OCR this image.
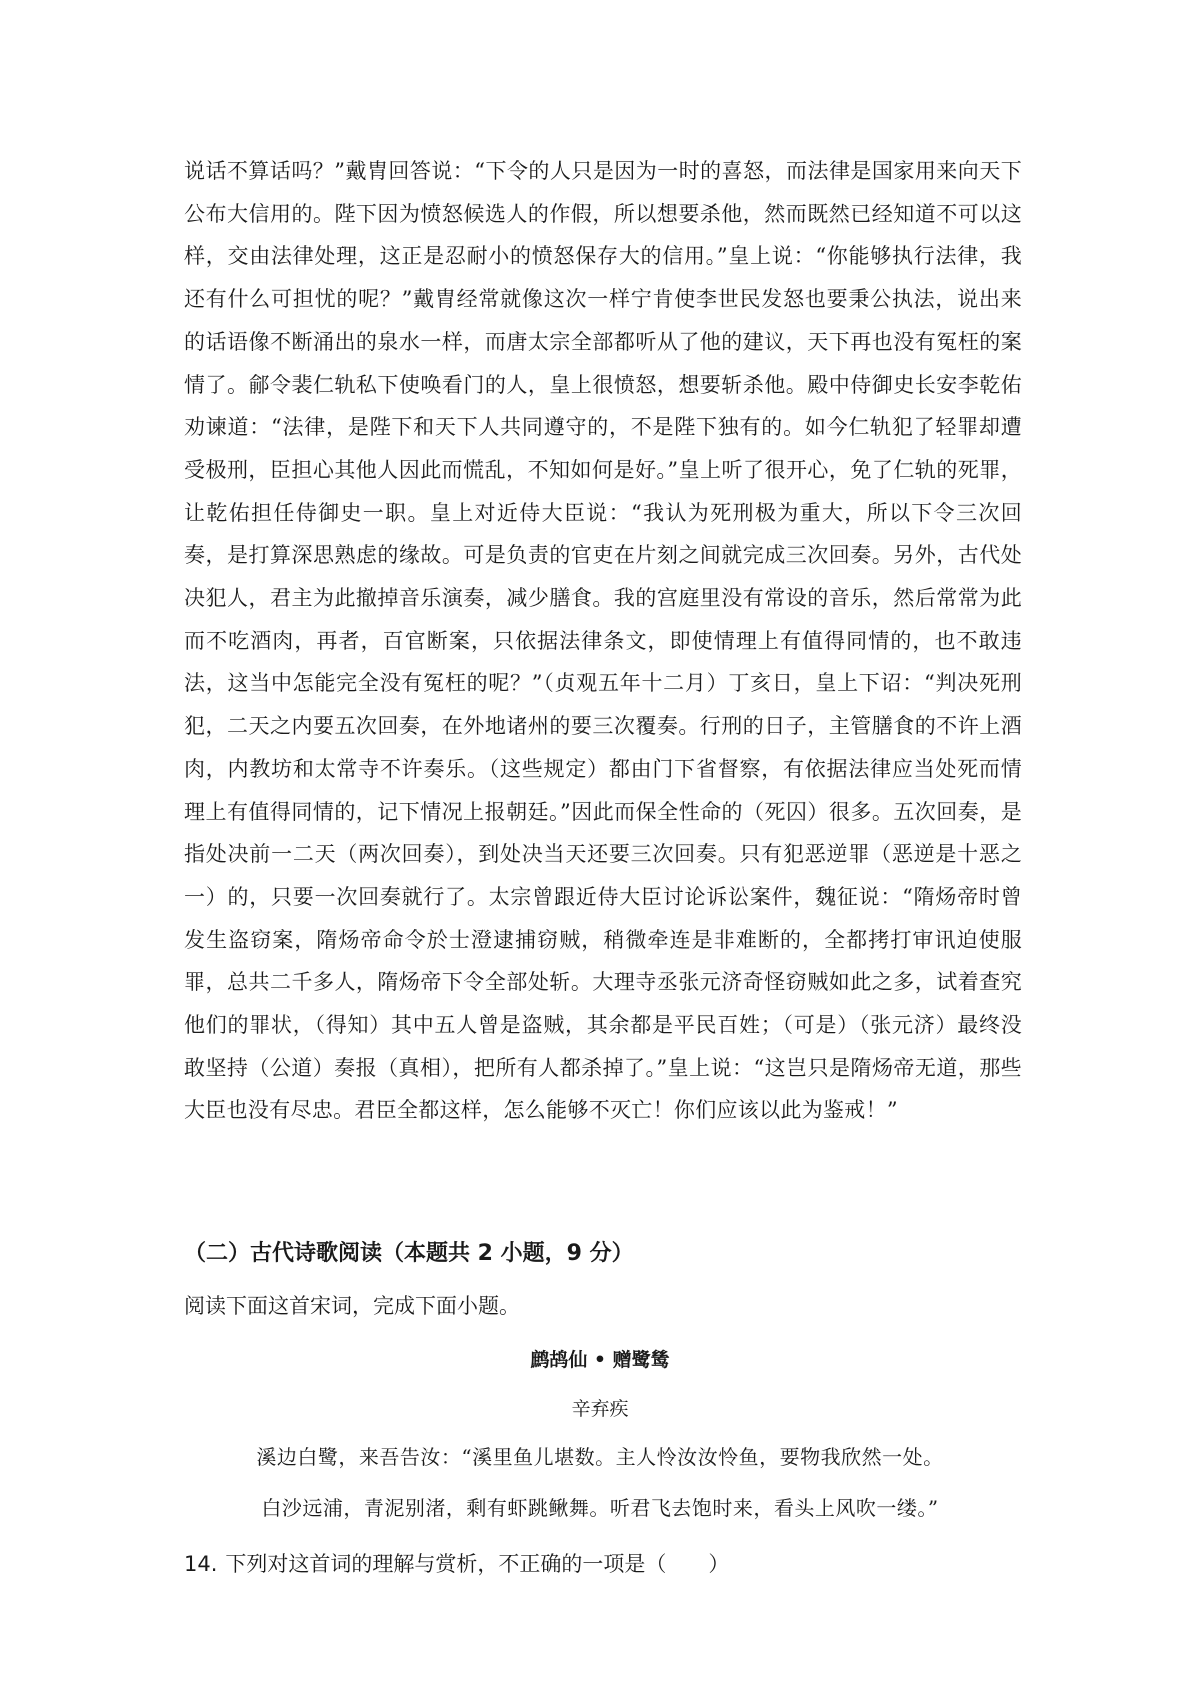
说话不算话吗？”戴胄回答说：“下令的人只是因为一时的喜怒，而法律是国家用来向天下公布大信用的。陛下因为愤怒候选人的作假，所以想要杀他，然而既然已经知道不可以这样，交由法律处理，这正是忍耐小的愤怒保存大的信用。”皇上说：“你能够执行法律，我还有什么可担忧的呢？”戴胄经常就像这次一样宁肯使李世民发怒也要秉公执法，说出来的话语像不断涌出的泉水一样，而唐太宗全部都听从了他的建议，天下再也没有冤枉的案情了。鄃令裴仁轨私下使唤看门的人，皇上很愤怒，想要斩杀他。殿中侍御史长安李乾佑劝谏道：“法律，是陛下和天下人共同遵守的，不是陛下独有的。如今仁轨犯了轻罪却遭受极刑，臣担心其他人因此而慌乱，不知如何是好。”皇上听了很开心，免了仁轨的死罪，让乾佑担任侍御史一职。皇上对近侍大臣说：“我认为死刑极为重大，所以下令三次回奏，是打算深思熟虑的缘故。可是负责的官吏在片刻之间就完成三次回奏。另外，古代处决犯人，君主为此撤掉音乐演奏，减少膳食。我的宫庭里没有常设的音乐，然后常常为此而不吃酒肉，再者，百官断案，只依据法律条文，即使情理上有值得同情的，也不敢违法，这当中怎能完全没有冤枉的呢？”（贞观五年十二月）丁亥日，皇上下诏：“判决死刑犯，二天之内要五次回奏，在外地诸州的要三次覆奏。行刑的日子，主管膳食的不许上酒肉，内教坊和太常寺不许奏乐。（这些规定）都由门下省督察，有依据法律应当处死而情理上有值得同情的，记下情况上报朝廷。”因此而保全性命的（死囚）很多。五次回奏，是指处决前一二天（两次回奏），到处决当天还要三次回奏。只有犯恶逆罪（恶逆是十恶之一）的，只要一次回奏就行了。太宗曾跟近侍大臣讨论诉讼案件，魏征说：“隋炀帝时曾发生盗窃案，隋炀帝命令於士澄逮捕窃贼，稍微牵连是非难断的，全都拷打审讯迫使服罪，总共二千多人，隋炀帝下令全部处斩。大理寺丞张元济奇怪窃贼如此之多，试着查究他们的罪状，（得知）其中五人曾是盗贼，其余都是平民百姓；（可是）（张元济）最终没敢坚持（公道）奏报（真相），把所有人都杀掉了。”皇上说：“这岂只是隋炀帝无道，那些大臣也没有尽忠。君臣全都这样，怎么能够不灭亡！你们应该以此为鉴戒！”

（二）古代诗歌阅读（本题共 2 小题，9 分）

阅读下面这首宋词，完成下面小题。

鹧鸪仙 • 赠鹭鸶

辛弃疾

溪边白鹭，来吾告汝：“溪里鱼儿堪数。主人怜汝汝怜鱼，要物我欣然一处。

白沙远浦，青泥别渚，剩有虾跳鳅舞。听君飞去饱时来，看头上风吹一缕。”

14. 下列对这首词的理解与赏析，不正确的一项是（　　）
